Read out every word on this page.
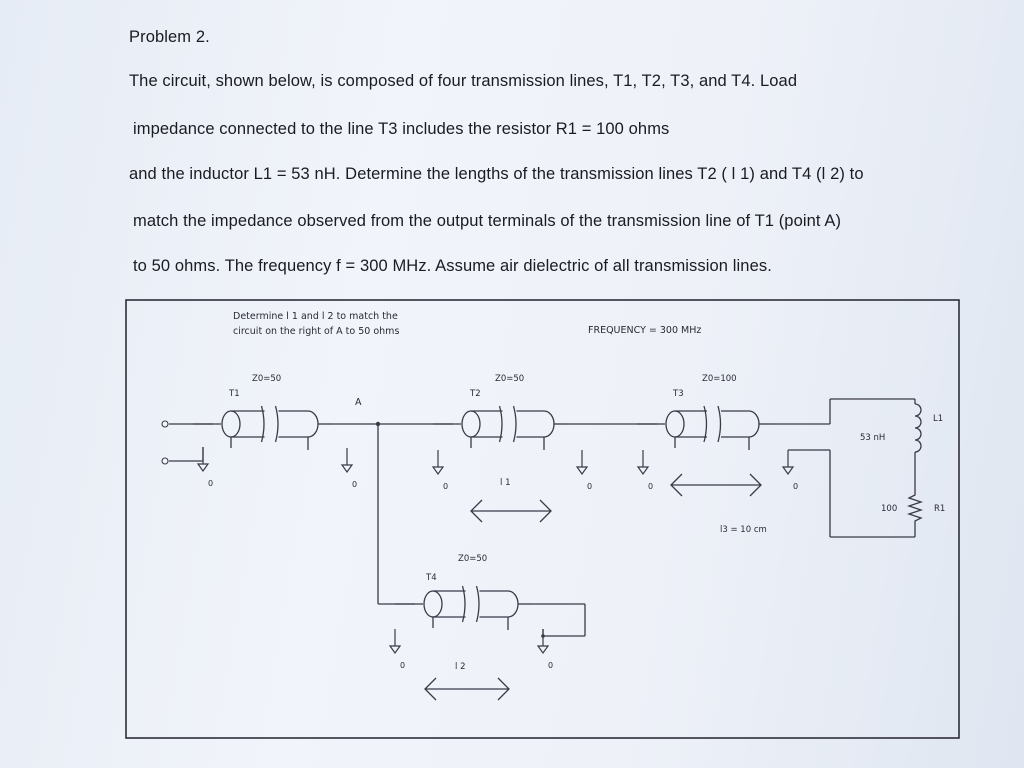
Problem 2.
The circuit, shown below, is composed of four transmission lines, T1, T2, T3, and T4. Load
impedance connected to the line T3 includes the resistor R1 = 100 ohms
and the inductor L1 = 53 nH. Determine the lengths of the transmission lines T2 ( l 1) and T4 (l 2) to
match the impedance observed from the output terminals of the transmission line of T1 (point A)
to 50 ohms. The frequency f = 300 MHz. Assume air dielectric of all transmission lines.
Determine l 1 and l 2 to match the
circuit on the right of A to 50 ohms	FREQUENCY = 300 MHz
A
L1
53 nH
100	R1
Z0=50
T1
Z0=50
T2
Z0=100
T3
Z0=50
T4
l 1
l3 = 10 cm
l 2
0	0	0	0	0	0
0	0
